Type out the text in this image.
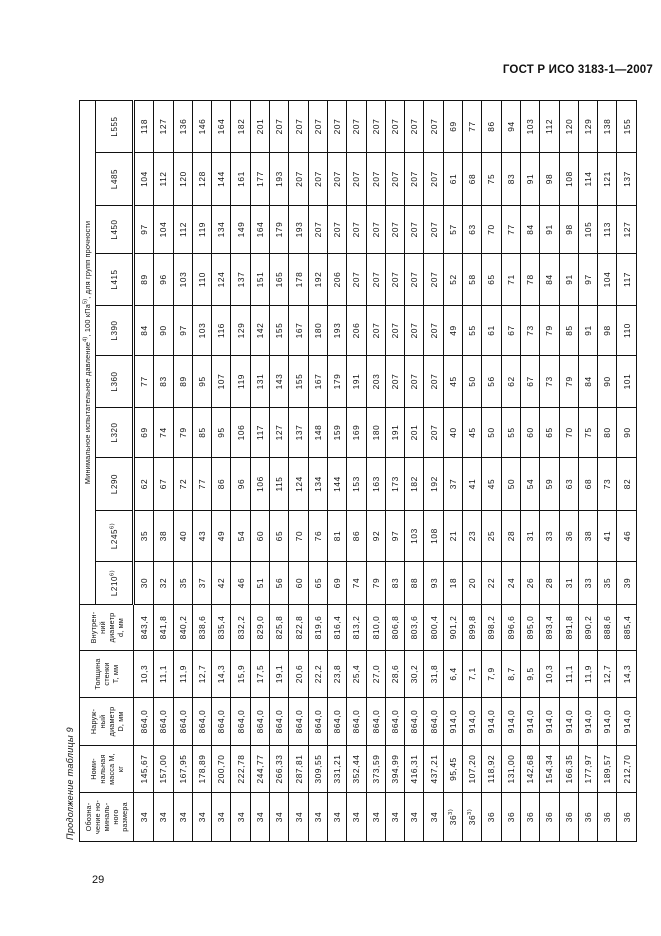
ГОСТ Р ИСО 3183-1—2007
Продолжение таблицы 9	Обозна-
чение но-
миналь-
ного
размера	Номи-
нальная
масса M,
кг	Наруж-
ный
диаметр
D, мм	Толщина
стенки
T, мм	Внутрен-
ний
диаметр
d, мм	Минимальное испытательное давление$^{4)}$, 100 кПа$^{5)}$, для групп прочности									
					L210$^{6)}$	L245$^{6)}$	L290	L320	L360	L390	L415	L450	L485	L555
34	145,67	864,0	10,3	843,4	30	35	62	69	77	84	89	97	104	118
34	157,00	864,0	11,1	841,8	32	38	67	74	83	90	96	104	112	127
34	167,95	864,0	11,9	840,2	35	40	72	79	89	97	103	112	120	136
34	178,89	864,0	12,7	838,6	37	43	77	85	95	103	110	119	128	146
34	200,70	864,0	14,3	835,4	42	49	86	95	107	116	124	134	144	164
34	222,78	864,0	15,9	832,2	46	54	96	106	119	129	137	149	161	182
34	244,77	864,0	17,5	829,0	51	60	106	117	131	142	151	164	177	201
34	266,33	864,0	19,1	825,8	56	65	115	127	143	155	165	179	193	207
34	287,81	864,0	20,6	822,8	60	70	124	137	155	167	178	193	207	207
34	309,55	864,0	22,2	819,6	65	76	134	148	167	180	192	207	207	207
34	331,21	864,0	23,8	816,4	69	81	144	159	179	193	206	207	207	207
34	352,44	864,0	25,4	813,2	74	86	153	169	191	206	207	207	207	207
34	373,59	864,0	27,0	810,0	79	92	163	180	203	207	207	207	207	207
34	394,99	864,0	28,6	806,8	83	97	173	191	207	207	207	207	207	207
34	416,31	864,0	30,2	803,6	88	103	182	201	207	207	207	207	207	207
34	437,21	864,0	31,8	800,4	93	108	192	207	207	207	207	207	207	207
36$^{3)}$	95,45	914,0	6,4	901,2	18	21	37	40	45	49	52	57	61	69
36$^{3)}$	107,20	914,0	7,1	899,8	20	23	41	45	50	55	58	63	68	77
36	118,92	914,0	7,9	898,2	22	25	45	50	56	61	65	70	75	86
36	131,00	914,0	8,7	896,6	24	28	50	55	62	67	71	77	83	94
36	142,68	914,0	9,5	895,0	26	31	54	60	67	73	78	84	91	103
36	154,34	914,0	10,3	893,4	28	33	59	65	73	79	84	91	98	112
36	166,35	914,0	11,1	891,8	31	36	63	70	79	85	91	98	108	120
36	177,97	914,0	11,9	890,2	33	38	68	75	84	91	97	105	114	129
36	189,57	914,0	12,7	888,6	35	41	73	80	90	98	104	113	121	138
36	212,70	914,0	14,3	885,4	39	46	82	90	101	110	117	127	137	155
29
